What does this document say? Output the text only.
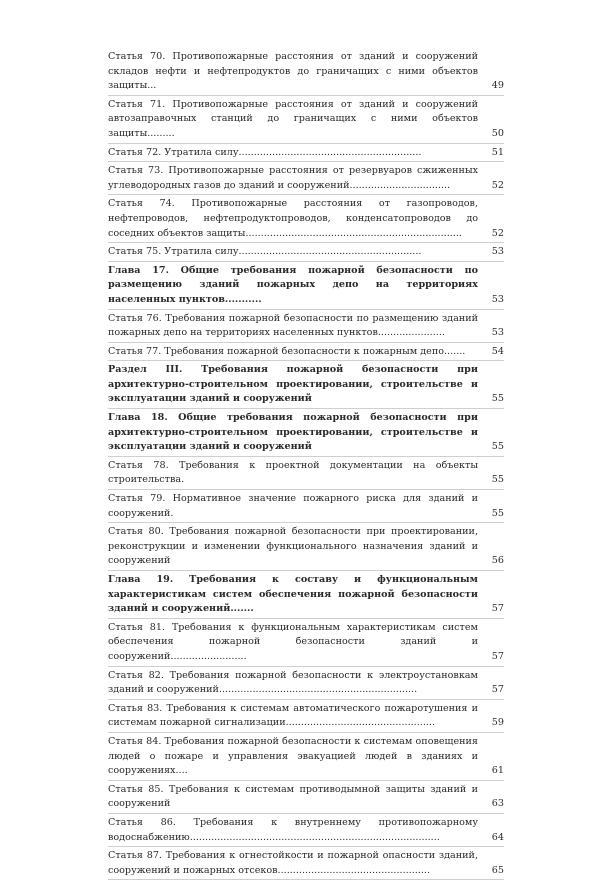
Статья 70. Противопожарные расстояния от зданий и сооружений складов нефти и нефтепродуктов до граничащих с ними объектов защиты...	49
Статья 71. Противопожарные расстояния от зданий и сооружений автозаправочных станций до граничащих с ними объектов защиты.........	50
Статья 72. Утратила силу............................................................	51
Статья 73. Противопожарные расстояния от резервуаров сжиженных углеводородных газов до зданий и сооружений.................................	52
Статья 74. Противопожарные расстояния от газопроводов, нефтепроводов, нефтепродуктопроводов, конденсатопроводов до соседних объектов защиты.......................................................................	52
Статья 75. Утратила силу............................................................	53
Глава 17. Общие требования пожарной безопасности по размещению зданий пожарных депо на территориях населенных пунктов...........	53
Статья 76. Требования пожарной безопасности по размещению зданий пожарных депо на территориях населенных пунктов......................	53
Статья 77. Требования пожарной безопасности к пожарным депо.......	54
Раздел III. Требования пожарной безопасности при архитектурно-строительном проектировании, строительстве и эксплуатации зданий и сооружений	55
Глава 18. Общие требования пожарной безопасности при архитектурно-строительном проектировании, строительстве и эксплуатации зданий и сооружений	55
Статья 78. Требования к проектной документации на объекты строительства.	55
Статья 79. Нормативное значение пожарного риска для зданий и сооружений.	55
Статья 80. Требования пожарной безопасности при проектировании, реконструкции и изменении функционального назначения зданий и сооружений	56
Глава 19. Требования к составу и функциональным характеристикам систем обеспечения пожарной безопасности зданий и сооружений.......	57
Статья 81. Требования к функциональным характеристикам систем обеспечения пожарной безопасности зданий и сооружений.........................	57
Статья 82. Требования пожарной безопасности к электроустановкам зданий и сооружений.................................................................	57
Статья 83. Требования к системам автоматического пожаротушения и системам пожарной сигнализации.................................................	59
Статья 84. Требования пожарной безопасности к системам оповещения людей о пожаре и управления эвакуацией людей в зданиях и сооружениях....	61
Статья 85. Требования к системам противодымной защиты зданий и сооружений	63
Статья 86. Требования к внутреннему противопожарному водоснабжению..................................................................................	64
Статья 87. Требования к огнестойкости и пожарной опасности зданий, сооружений и пожарных отсеков..................................................	65
